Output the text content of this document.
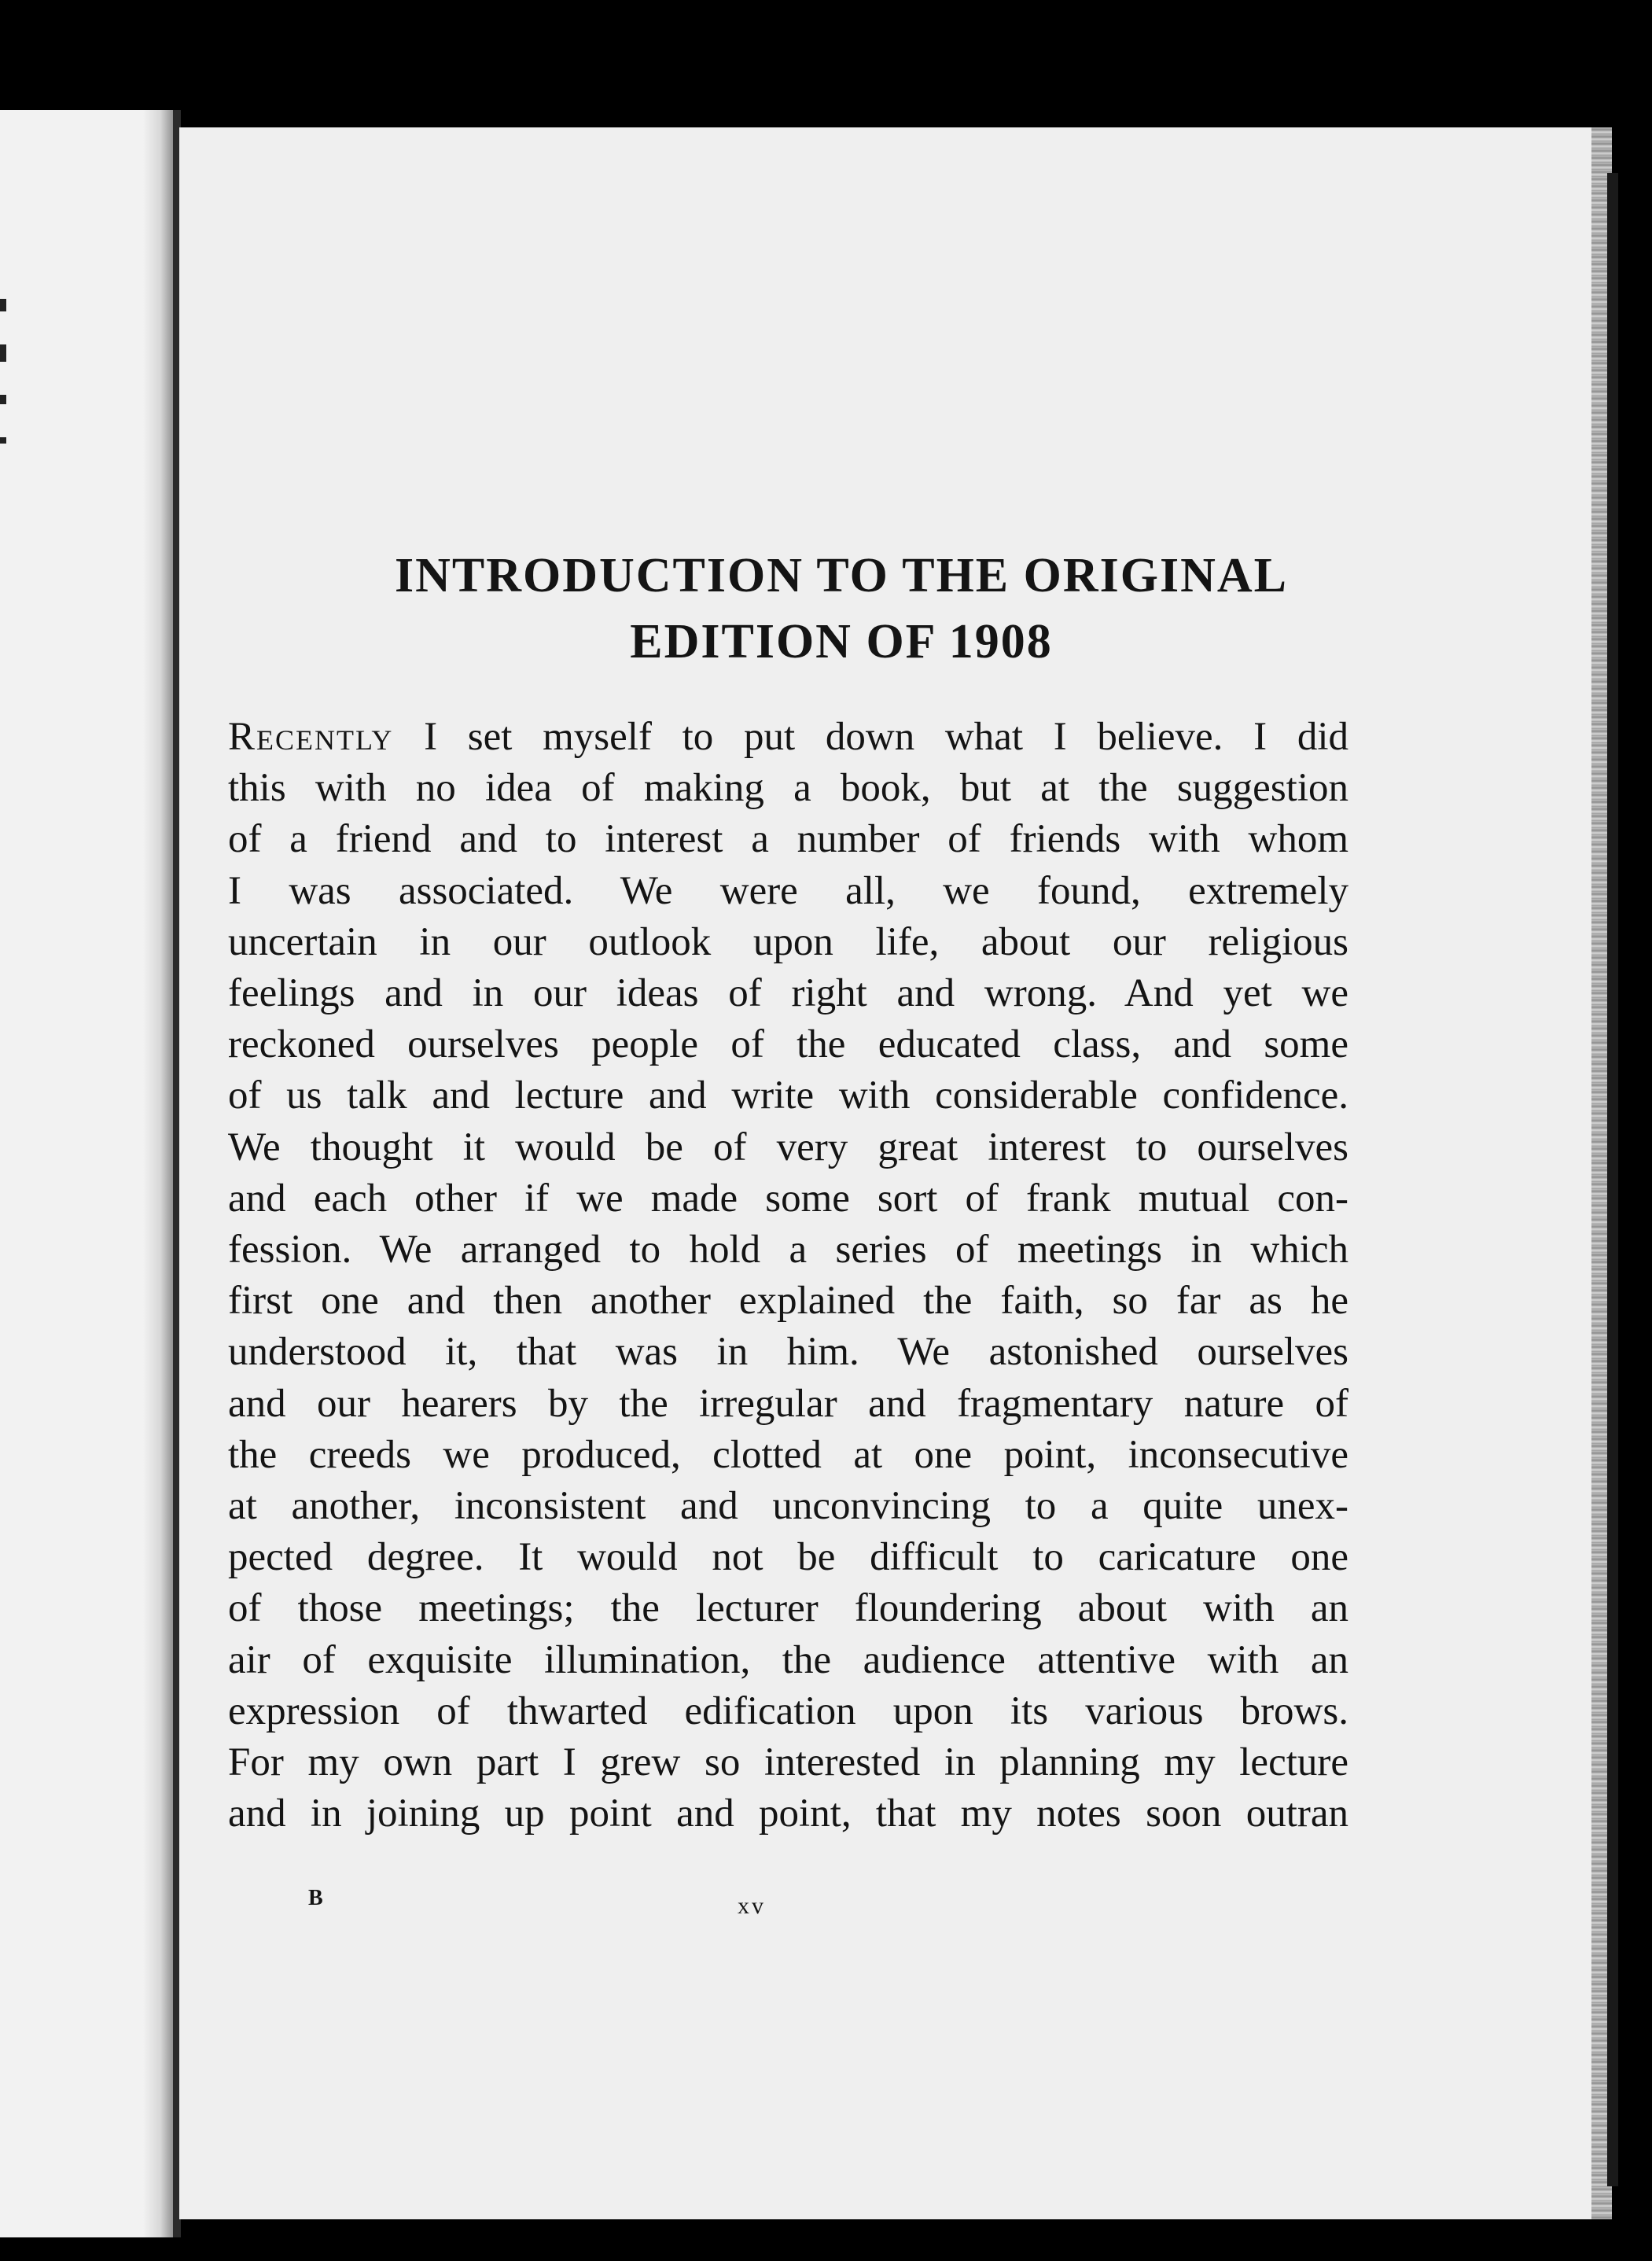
INTRODUCTION TO THE ORIGINAL
EDITION OF 1908
Recently I set myself to put down what I believe. I did
this with no idea of making a book, but at the suggestion
of a friend and to interest a number of friends with whom
I was associated. We were all, we found, extremely
uncertain in our outlook upon life, about our religious
feelings and in our ideas of right and wrong. And yet we
reckoned ourselves people of the educated class, and some
of us talk and lecture and write with considerable confidence.
We thought it would be of very great interest to ourselves
and each other if we made some sort of frank mutual con-
fession. We arranged to hold a series of meetings in which
first one and then another explained the faith, so far as he
understood it, that was in him. We astonished ourselves
and our hearers by the irregular and fragmentary nature of
the creeds we produced, clotted at one point, inconsecutive
at another, inconsistent and unconvincing to a quite unex-
pected degree. It would not be difficult to caricature one
of those meetings; the lecturer floundering about with an
air of exquisite illumination, the audience attentive with an
expression of thwarted edification upon its various brows.
For my own part I grew so interested in planning my lecture
and in joining up point and point, that my notes soon outran
B	xv
